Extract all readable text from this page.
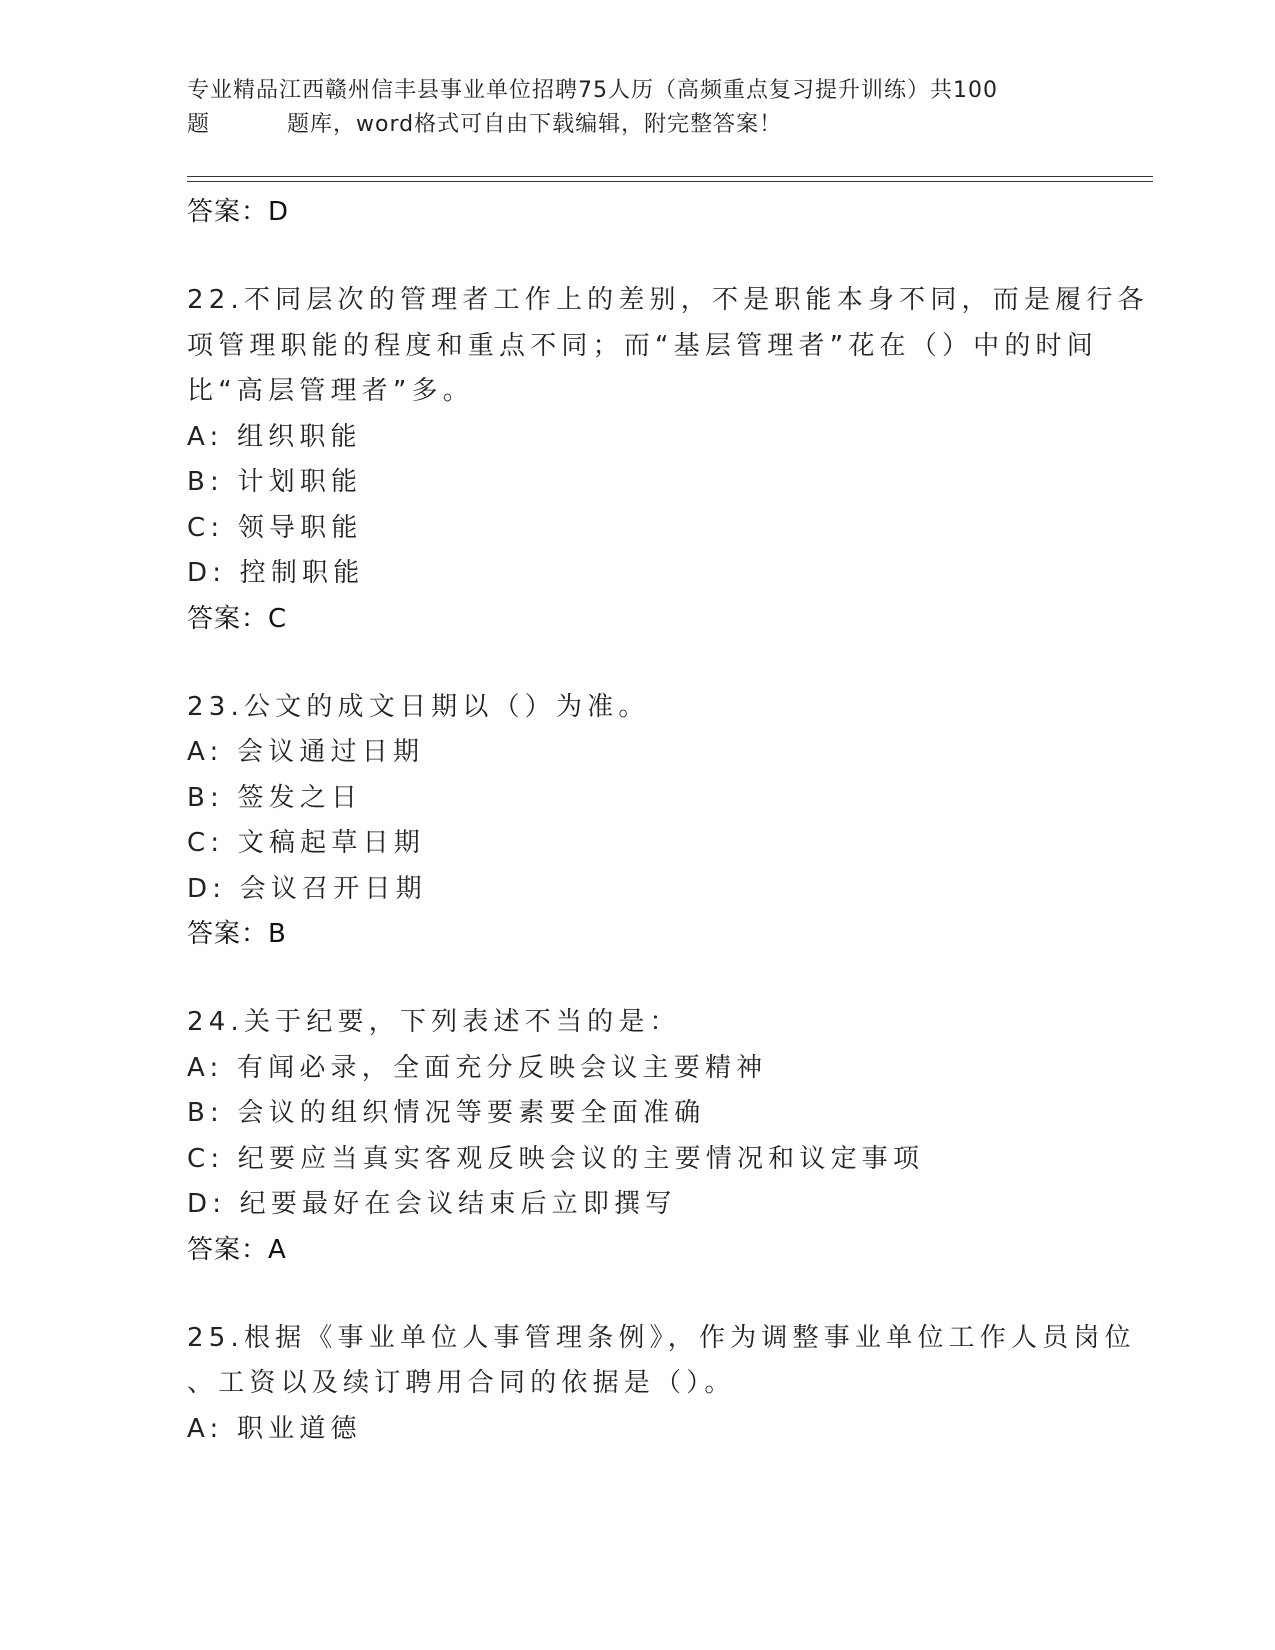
专业精品江西赣州信丰县事业单位招聘75人历（高频重点复习提升训练）共100
题	题库，word格式可自由下载编辑，附完整答案！
答案：D
22.不同层次的管理者工作上的差别，不是职能本身不同，而是履行各
项管理职能的程度和重点不同；而“基层管理者”花在（）中的时间
比“高层管理者”多。
A: 组织职能
B: 计划职能
C: 领导职能
D: 控制职能
答案：C
23.公文的成文日期以（）为准。
A: 会议通过日期
B: 签发之日
C: 文稿起草日期
D: 会议召开日期
答案：B
24.关于纪要，下列表述不当的是：
A: 有闻必录，全面充分反映会议主要精神
B: 会议的组织情况等要素要全面准确
C: 纪要应当真实客观反映会议的主要情况和议定事项
D: 纪要最好在会议结束后立即撰写
答案：A
25.根据《事业单位人事管理条例》，作为调整事业单位工作人员岗位
、工资以及续订聘用合同的依据是（）。
A: 职业道德
